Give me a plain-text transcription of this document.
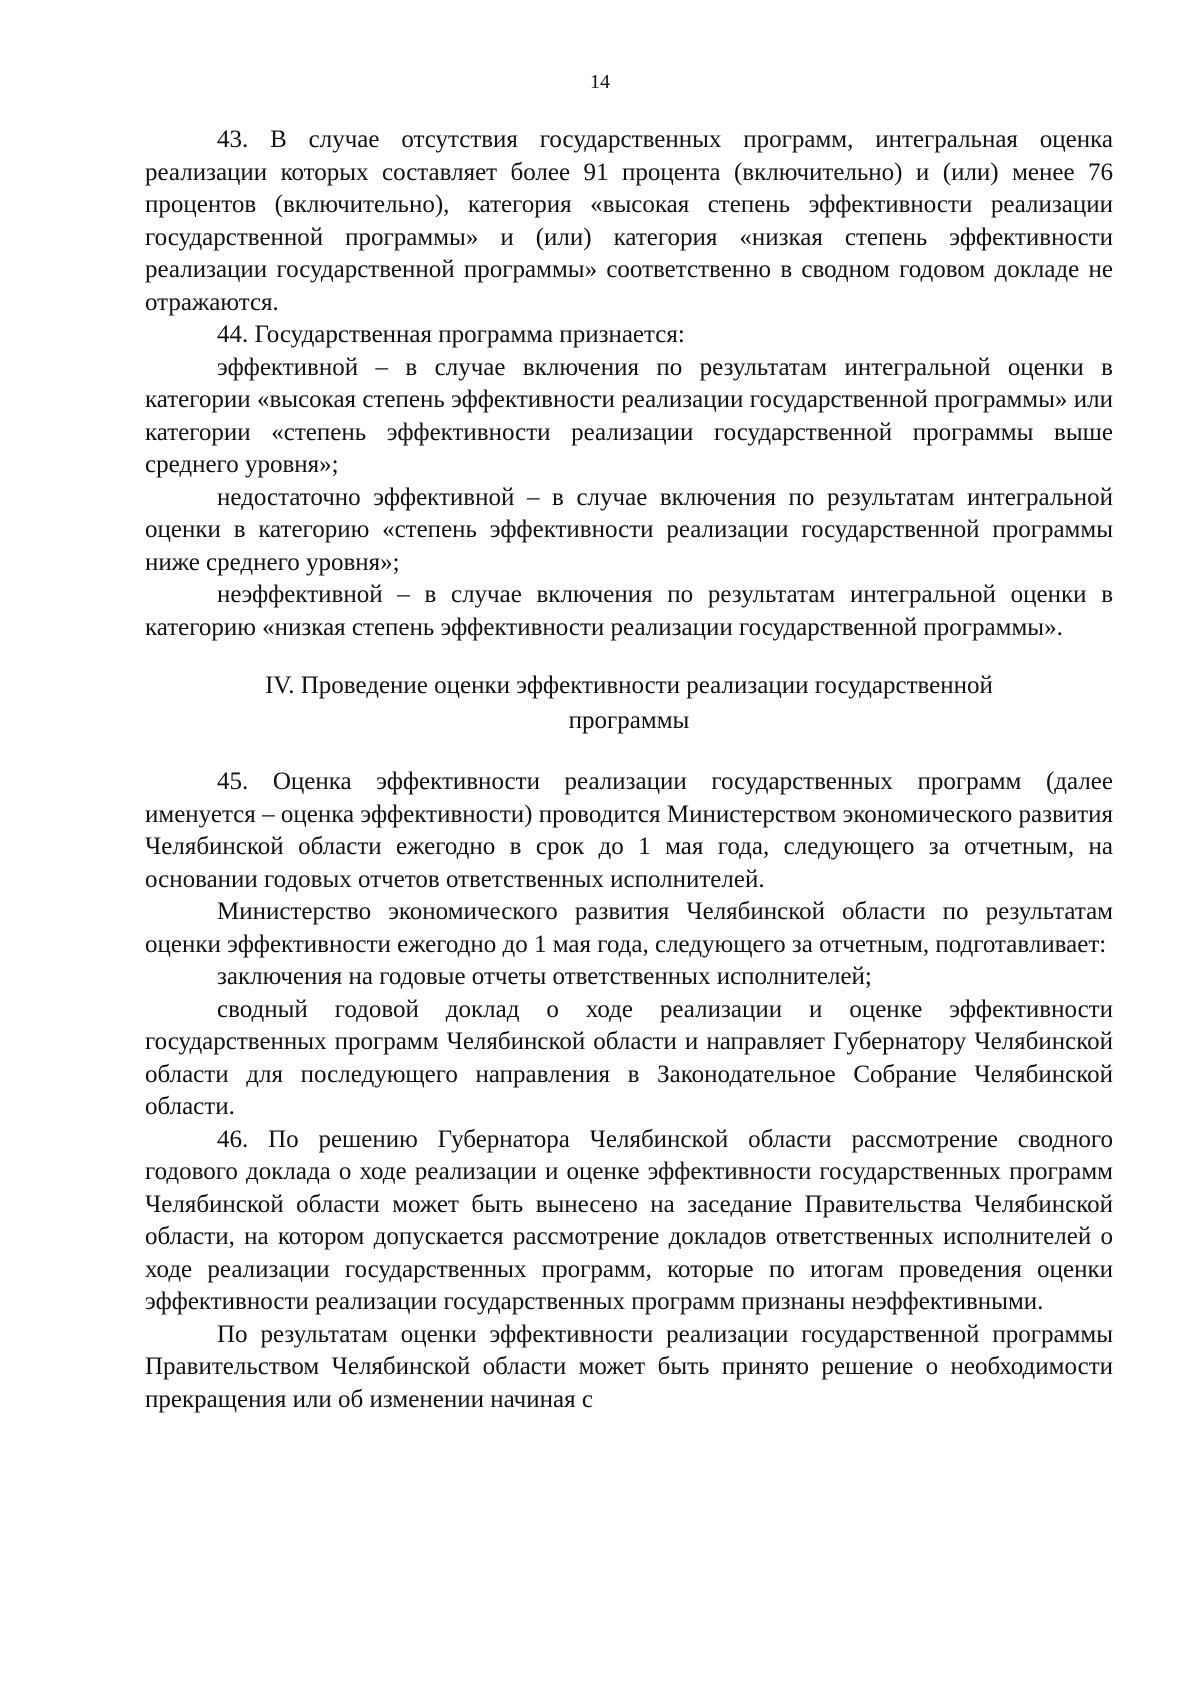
14

43. В случае отсутствия государственных программ, интегральная оценка реализации которых составляет более 91 процента (включительно) и (или) менее 76 процентов (включительно), категория «высокая степень эффективности реализации государственной программы» и (или) категория «низкая степень эффективности реализации государственной программы» соответственно в сводном годовом докладе не отражаются.

44. Государственная программа признается:

эффективной – в случае включения по результатам интегральной оценки в категории «высокая степень эффективности реализации государственной программы» или категории «степень эффективности реализации государственной программы выше среднего уровня»;

недостаточно эффективной – в случае включения по результатам интегральной оценки в категорию «степень эффективности реализации государственной программы ниже среднего уровня»;

неэффективной – в случае включения по результатам интегральной оценки в категорию «низкая степень эффективности реализации государственной программы».

IV. Проведение оценки эффективности реализации государственной
программы

45. Оценка эффективности реализации государственных программ (далее именуется – оценка эффективности) проводится Министерством экономического развития Челябинской области ежегодно в срок до 1 мая года, следующего за отчетным, на основании годовых отчетов ответственных исполнителей.

Министерство экономического развития Челябинской области по результатам оценки эффективности ежегодно до 1 мая года, следующего за отчетным, подготавливает:

заключения на годовые отчеты ответственных исполнителей;

сводный годовой доклад о ходе реализации и оценке эффективности государственных программ Челябинской области и направляет Губернатору Челябинской области для последующего направления в Законодательное Собрание Челябинской области.

46. По решению Губернатора Челябинской области рассмотрение сводного годового доклада о ходе реализации и оценке эффективности государственных программ Челябинской области может быть вынесено на заседание Правительства Челябинской области, на котором допускается рассмотрение докладов ответственных исполнителей о ходе реализации государственных программ, которые по итогам проведения оценки эффективности реализации государственных программ признаны неэффективными.

По результатам оценки эффективности реализации государственной программы Правительством Челябинской области может быть принято решение о необходимости прекращения или об изменении начиная с
